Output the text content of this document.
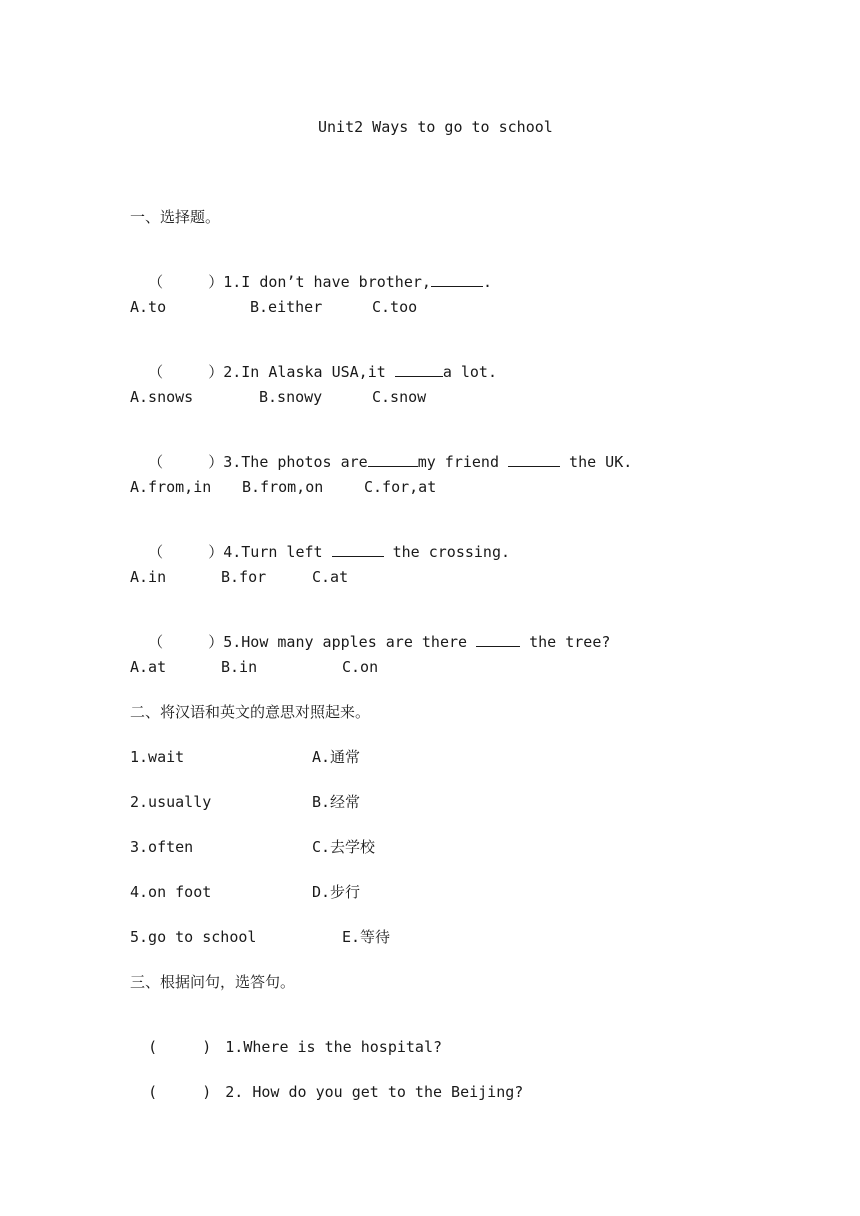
Unit2 Ways to go to school
一、选择题。

（     ）1.I don’t have brother,	.

A.to	B.either	C.too

（     ）2.In Alaska USA,it	a lot.

A.snows	B.snowy	C.snow

（     ）3.The photos are	my friend	the UK.

A.from,in B.from,on	C.for,at

（     ）4.Turn left	the crossing.

A.in	B.for	C.at

（     ）5.How many apples are there	the tree?

A.at	B.in	C.on
二、将汉语和英文的意思对照起来。
1.wait	A.通常
2.usually	B.经常
3.often	C.去学校
4.on foot	D.步行
5.go to school	E.等待
三、根据问句，选答句。

(     ) 1.Where is the hospital?

(     ) 2. How do you get to the Beijing?
